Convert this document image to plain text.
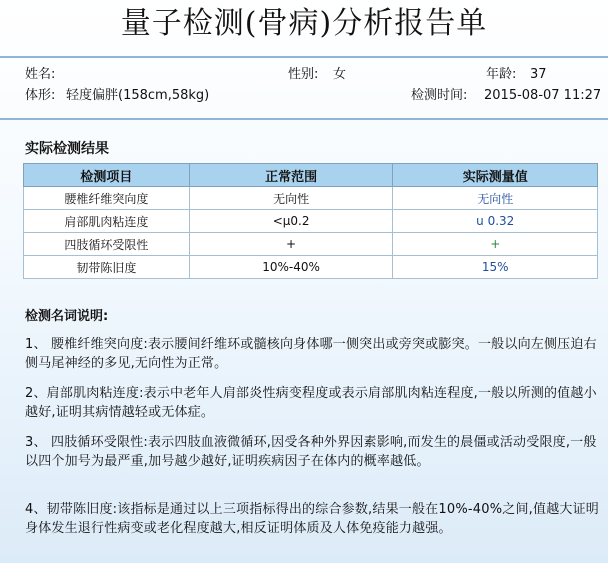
量子检测(骨病)分析报告单
姓名:	性别: 女	年龄: 37
体形: 轻度偏胖(158cm,58kg)	检测时间: 2015-08-07 11:27
实际检测结果
检测项目	正常范围	实际测量值
腰椎纤维突向度	无向性	无向性
肩部肌肉粘连度	<μ0.2	u 0.32
四肢循环受限性	+	+
韧带陈旧度	10%-40%	15%
检测名词说明:
1、 腰椎纤维突向度:表示腰间纤维环或髓核向身体哪一侧突出或旁突或膨突。一般以向左侧压迫右侧马尾神经的多见,无向性为正常。
2、肩部肌肉粘连度:表示中老年人肩部炎性病变程度或表示肩部肌肉粘连程度,一般以所测的值越小越好,证明其病情越轻或无体症。
3、 四肢循环受限性:表示四肢血液微循环,因受各种外界因素影响,而发生的晨僵或活动受限度,一般以四个加号为最严重,加号越少越好,证明疾病因子在体内的概率越低。
4、韧带陈旧度:该指标是通过以上三项指标得出的综合参数,结果一般在10%-40%之间,值越大证明身体发生退行性病变或老化程度越大,相反证明体质及人体免疫能力越强。
